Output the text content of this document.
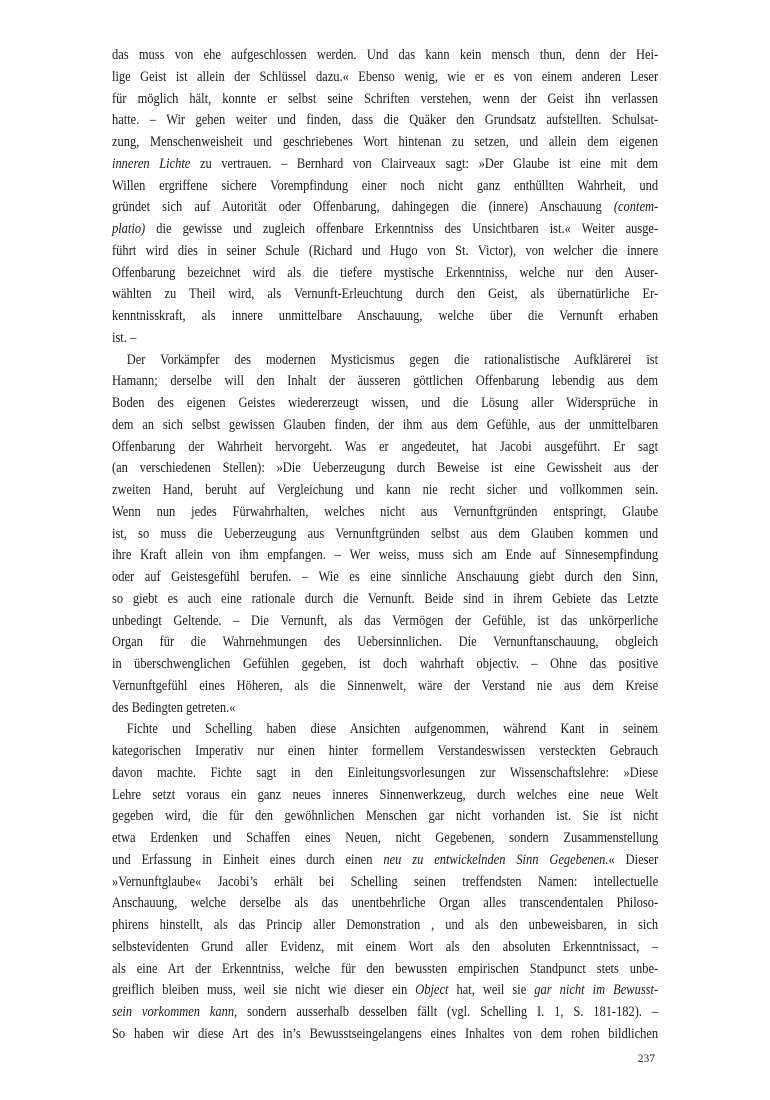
das muss von ehe aufgeschlossen werden. Und das kann kein mensch thun, denn der Hei-
lige Geist ist allein der Schlüssel dazu.« Ebenso wenig, wie er es von einem anderen Leser
für möglich hält, konnte er selbst seine Schriften verstehen, wenn der Geist ihn verlassen
hatte. – Wir gehen weiter und finden, dass die Quäker den Grundsatz aufstellten. Schulsat-
zung, Menschenweisheit und geschriebenes Wort hintenan zu setzen, und allein dem eigenen
inneren Lichte zu vertrauen. – Bernhard von Clairveaux sagt: »Der Glaube ist eine mit dem
Willen ergriffene sichere Vorempfindung einer noch nicht ganz enthüllten Wahrheit, und
gründet sich auf Autorität oder Offenbarung, dahingegen die (innere) Anschauung (contem-
platio) die gewisse und zugleich offenbare Erkenntniss des Unsichtbaren ist.« Weiter ausge-
führt wird dies in seiner Schule (Richard und Hugo von St. Victor), von welcher die innere
Offenbarung bezeichnet wird als die tiefere mystische Erkenntniss, welche nur den Auser-
wählten zu Theil wird, als Vernunft-Erleuchtung durch den Geist, als übernatürliche Er-
kenntnisskraft, als innere unmittelbare Anschauung, welche über die Vernunft erhaben
ist. –
Der Vorkämpfer des modernen Mysticismus gegen die rationalistische Aufklärerei ist
Hamann; derselbe will den Inhalt der äusseren göttlichen Offenbarung lebendig aus dem
Boden des eigenen Geistes wiedererzeugt wissen, und die Lösung aller Widersprüche in
dem an sich selbst gewissen Glauben finden, der ihm aus dem Gefühle, aus der unmittelbaren
Offenbarung der Wahrheit hervorgeht. Was er angedeutet, hat Jacobi ausgeführt. Er sagt
(an verschiedenen Stellen): »Die Ueberzeugung durch Beweise ist eine Gewissheit aus der
zweiten Hand, beruht auf Vergleichung und kann nie recht sicher und vollkommen sein.
Wenn nun jedes Fürwahrhalten, welches nicht aus Vernunftgründen entspringt, Glaube
ist, so muss die Ueberzeugung aus Vernunftgründen selbst aus dem Glauben kommen und
ihre Kraft allein von ihm empfangen. – Wer weiss, muss sich am Ende auf Sinnesempfindung
oder auf Geistesgefühl berufen. – Wie es eine sinnliche Anschauung giebt durch den Sinn,
so giebt es auch eine rationale durch die Vernunft. Beide sind in ihrem Gebiete das Letzte
unbedingt Geltende. – Die Vernunft, als das Vermögen der Gefühle, ist das unkörperliche
Organ für die Wahrnehmungen des Uebersinnlichen. Die Vernunftanschauung, obgleich
in überschwenglichen Gefühlen gegeben, ist doch wahrhaft objectiv. – Ohne das positive
Vernunftgefühl eines Höheren, als die Sinnenwelt, wäre der Verstand nie aus dem Kreise
des Bedingten getreten.«
Fichte und Schelling haben diese Ansichten aufgenommen, während Kant in seinem
kategorischen Imperativ nur einen hinter formellem Verstandeswissen versteckten Gebrauch
davon machte. Fichte sagt in den Einleitungsvorlesungen zur Wissenschaftslehre: »Diese
Lehre setzt voraus ein ganz neues inneres Sinnenwerkzeug, durch welches eine neue Welt
gegeben wird, die für den gewöhnlichen Menschen gar nicht vorhanden ist. Sie ist nicht
etwa Erdenken und Schaffen eines Neuen, nicht Gegebenen, sondern Zusammenstellung
und Erfassung in Einheit eines durch einen neu zu entwickelnden Sinn Gegebenen.« Dieser
»Vernunftglaube« Jacobi’s erhält bei Schelling seinen treffendsten Namen: intellectuelle
Anschauung, welche derselbe als das unentbehrliche Organ alles transcendentalen Philoso-
phirens hinstellt, als das Princip aller Demonstration , und als den unbeweisbaren, in sich
selbstevidenten Grund aller Evidenz, mit einem Wort als den absoluten Erkenntnissact, –
als eine Art der Erkenntniss, welche für den bewussten empirischen Standpunct stets unbe-
greiflich bleiben muss, weil sie nicht wie dieser ein Object hat, weil sie gar nicht im Bewusst-
sein vorkommen kann, sondern ausserhalb desselben fällt (vgl. Schelling I. 1, S. 181-182). –
So haben wir diese Art des in’s Bewusstseingelangens eines Inhaltes von dem rohen bildlichen
237
